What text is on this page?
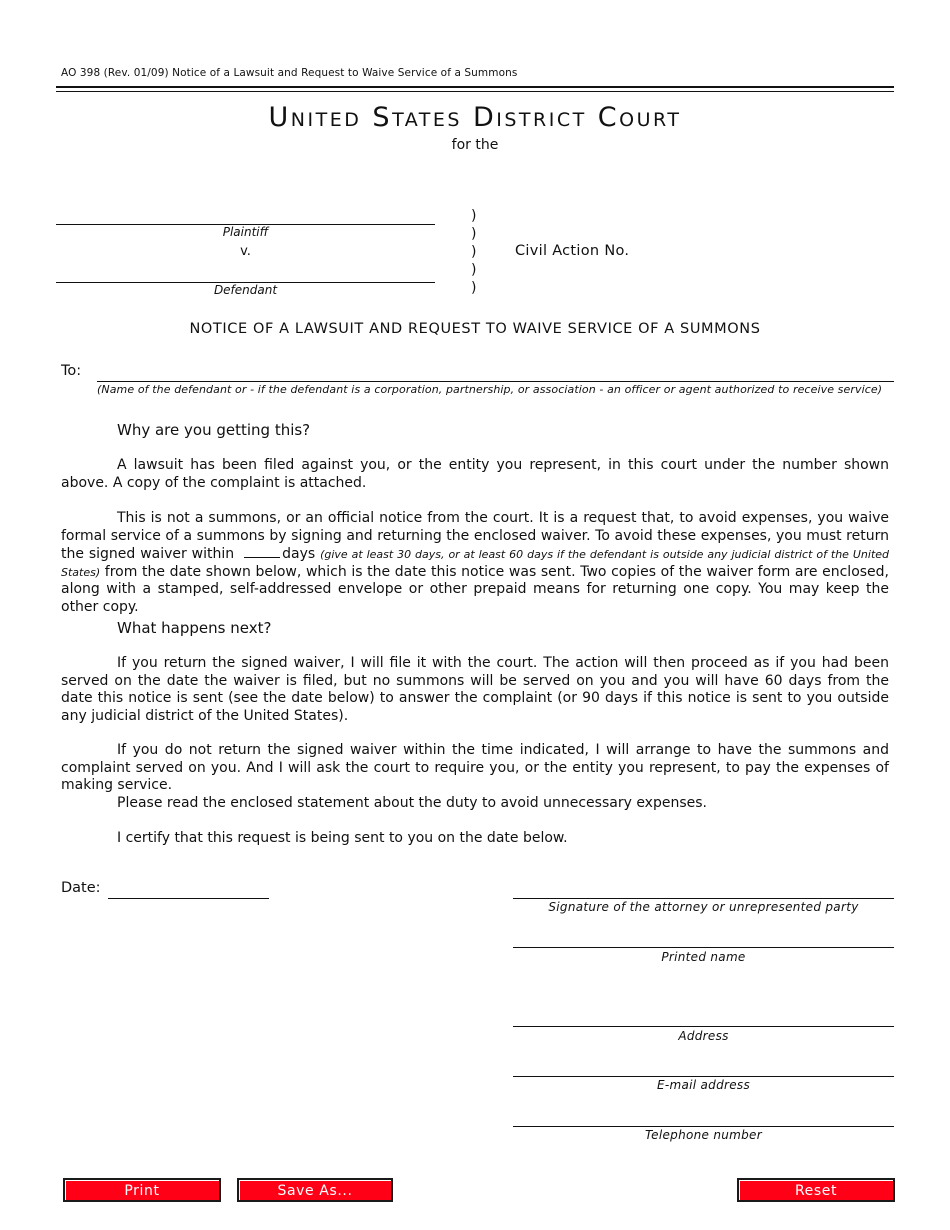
AO 398 (Rev. 01/09) Notice of a Lawsuit and Request to Waive Service of a Summons
United States District Court
for the
Plaintiff
v.
Defendant
)
)
)
)
)
Civil Action No.
NOTICE OF A LAWSUIT AND REQUEST TO WAIVE SERVICE OF A SUMMONS
To:
(Name of the defendant or - if the defendant is a corporation, partnership, or association - an officer or agent authorized to receive service)
Why are you getting this?
A lawsuit has been filed against you, or the entity you represent, in this court under the number shown above. A copy of the complaint is attached.
This is not a summons, or an official notice from the court. It is a request that, to avoid expenses, you waive formal service of a summons by signing and returning the enclosed waiver. To avoid these expenses, you must return the signed waiver within	days (give at least 30 days, or at least 60 days if the defendant is outside any judicial district of the United States) from the date shown below, which is the date this notice was sent. Two copies of the waiver form are enclosed, along with a stamped, self-addressed envelope or other prepaid means for returning one copy. You may keep the other copy.
What happens next?
If you return the signed waiver, I will file it with the court. The action will then proceed as if you had been served on the date the waiver is filed, but no summons will be served on you and you will have 60 days from the date this notice is sent (see the date below) to answer the complaint (or 90 days if this notice is sent to you outside any judicial district of the United States).
If you do not return the signed waiver within the time indicated, I will arrange to have the summons and complaint served on you. And I will ask the court to require you, or the entity you represent, to pay the expenses of making service.
Please read the enclosed statement about the duty to avoid unnecessary expenses.
I certify that this request is being sent to you on the date below.
Date:
Signature of the attorney or unrepresented party
Printed name
Address
E-mail address
Telephone number
Print	Save As...	Reset
